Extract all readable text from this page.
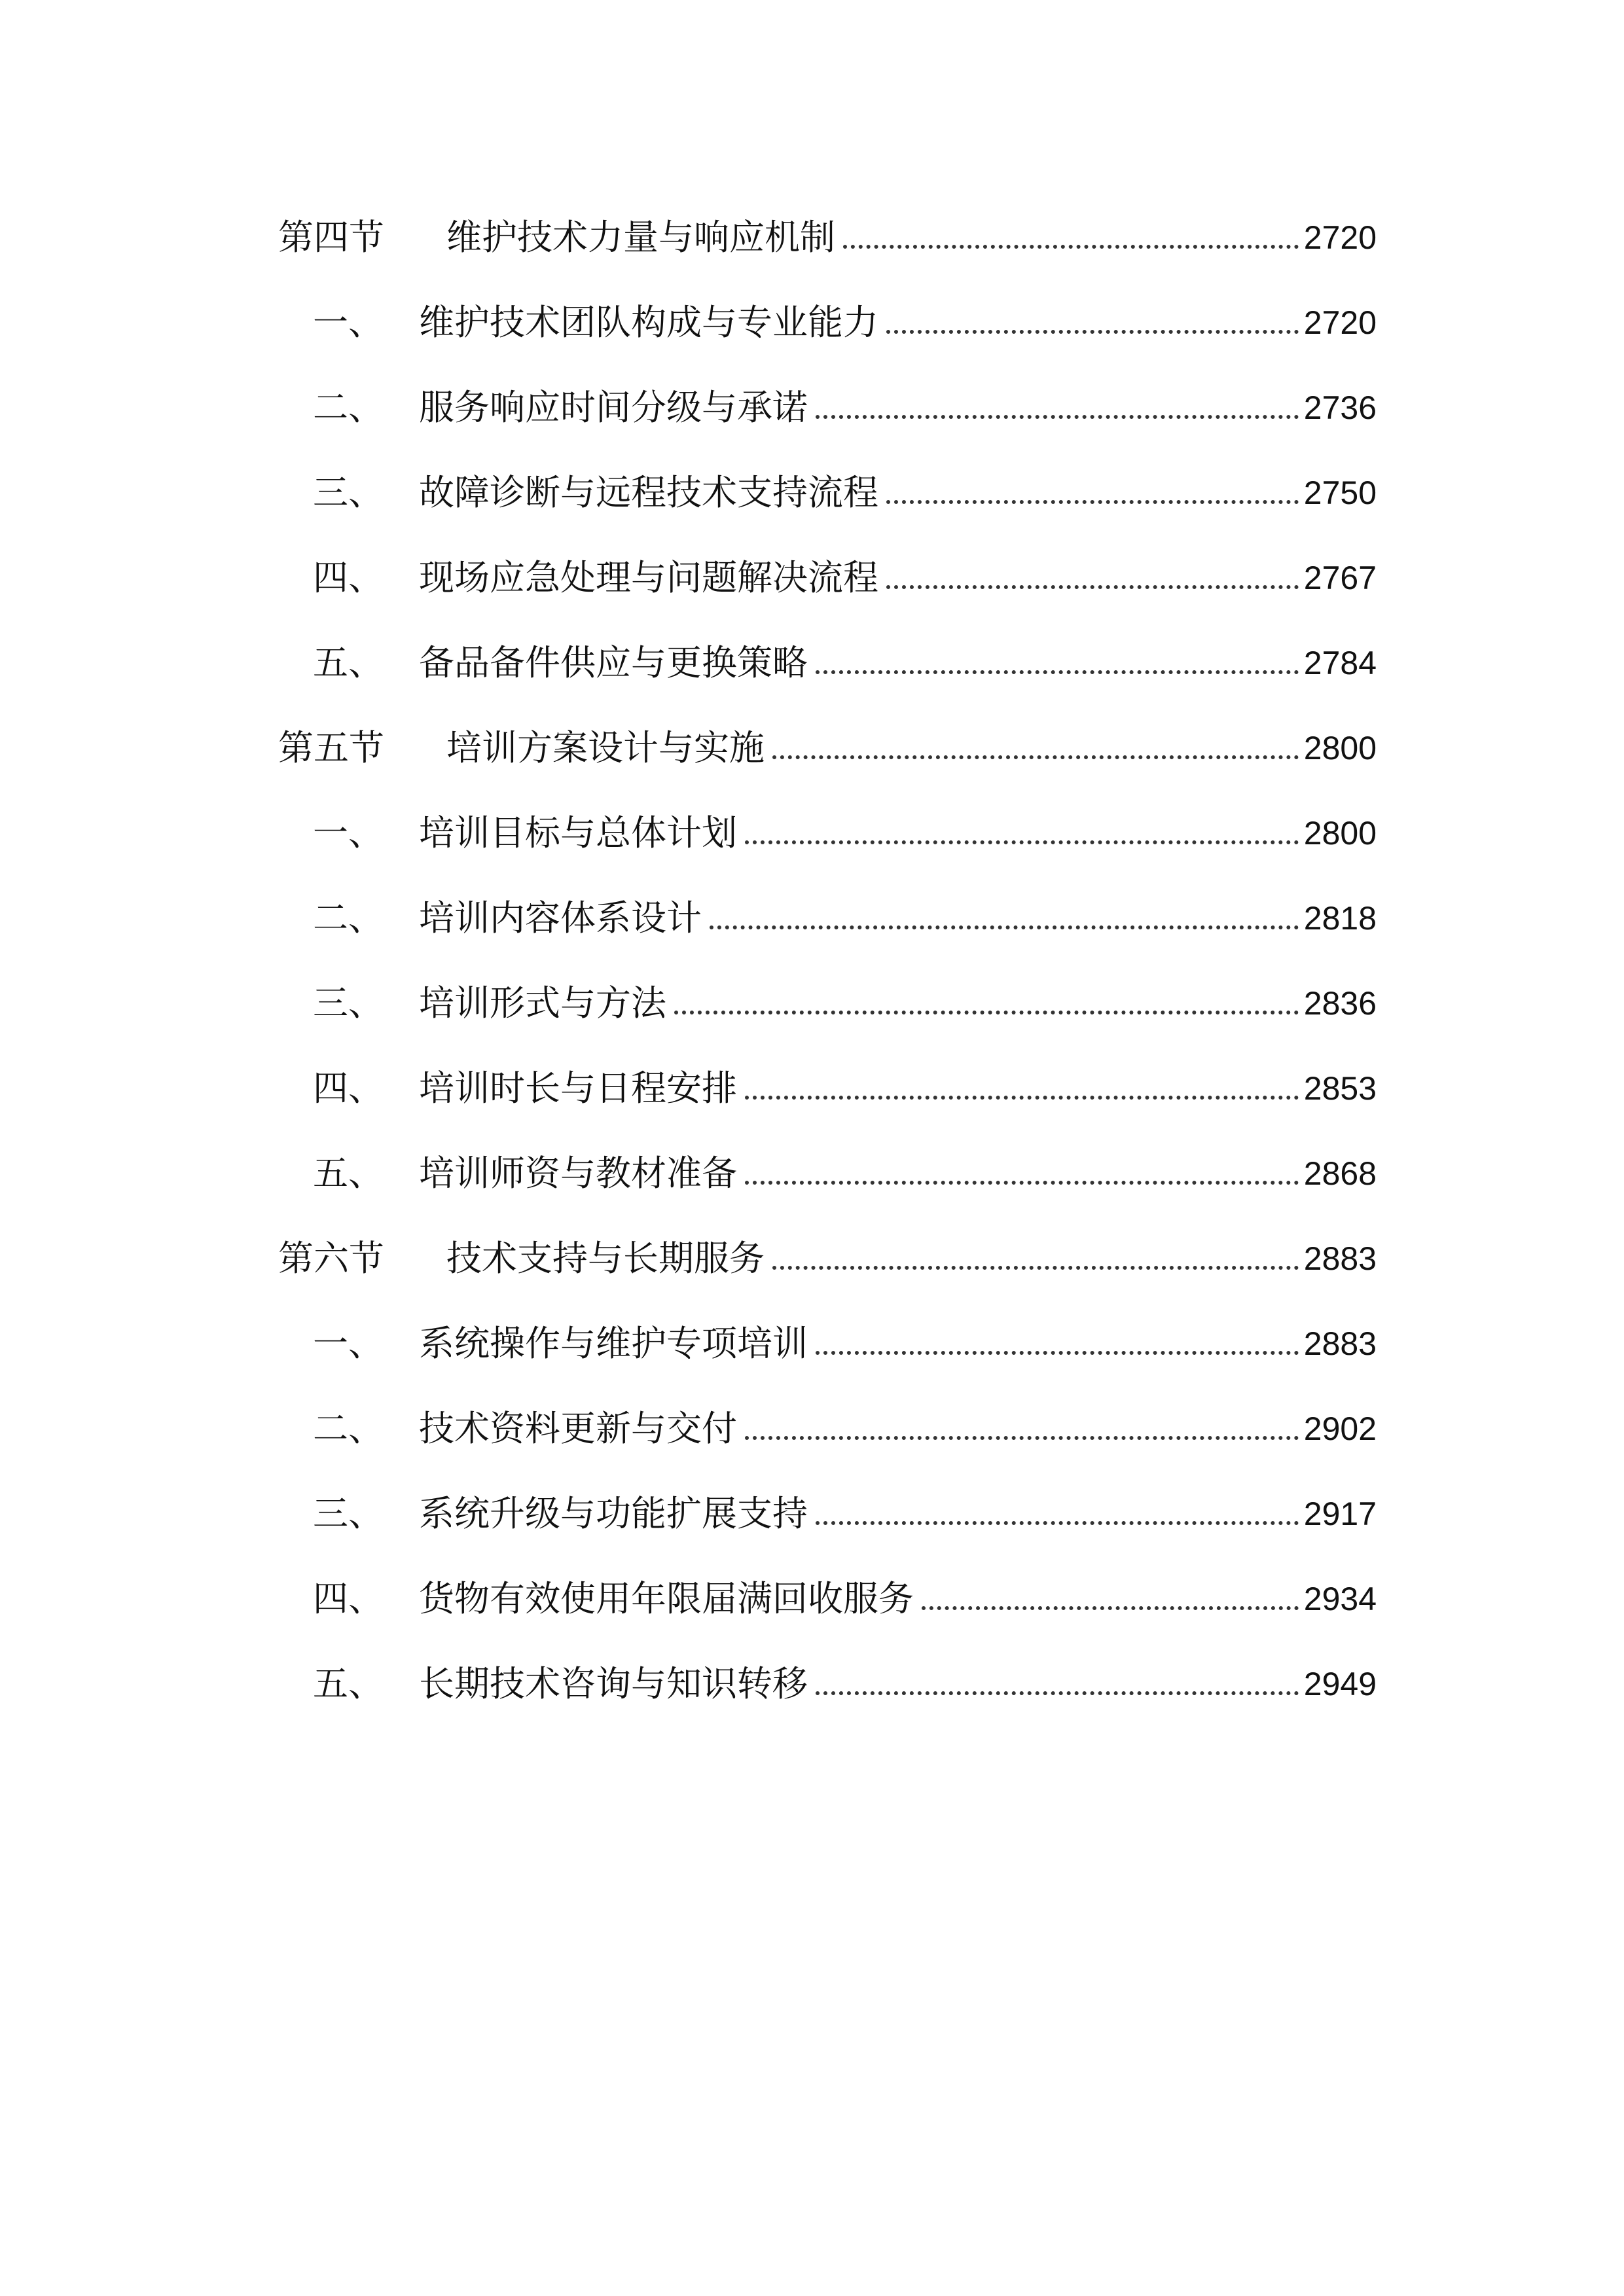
第四节 维护技术力量与响应机制	2720
一、 维护技术团队构成与专业能力	2720
二、 服务响应时间分级与承诺	2736
三、 故障诊断与远程技术支持流程	2750
四、 现场应急处理与问题解决流程	2767
五、 备品备件供应与更换策略	2784
第五节 培训方案设计与实施	2800
一、 培训目标与总体计划	2800
二、 培训内容体系设计	2818
三、 培训形式与方法	2836
四、 培训时长与日程安排	2853
五、 培训师资与教材准备	2868
第六节 技术支持与长期服务	2883
一、 系统操作与维护专项培训	2883
二、 技术资料更新与交付	2902
三、 系统升级与功能扩展支持	2917
四、 货物有效使用年限届满回收服务	2934
五、 长期技术咨询与知识转移	2949
